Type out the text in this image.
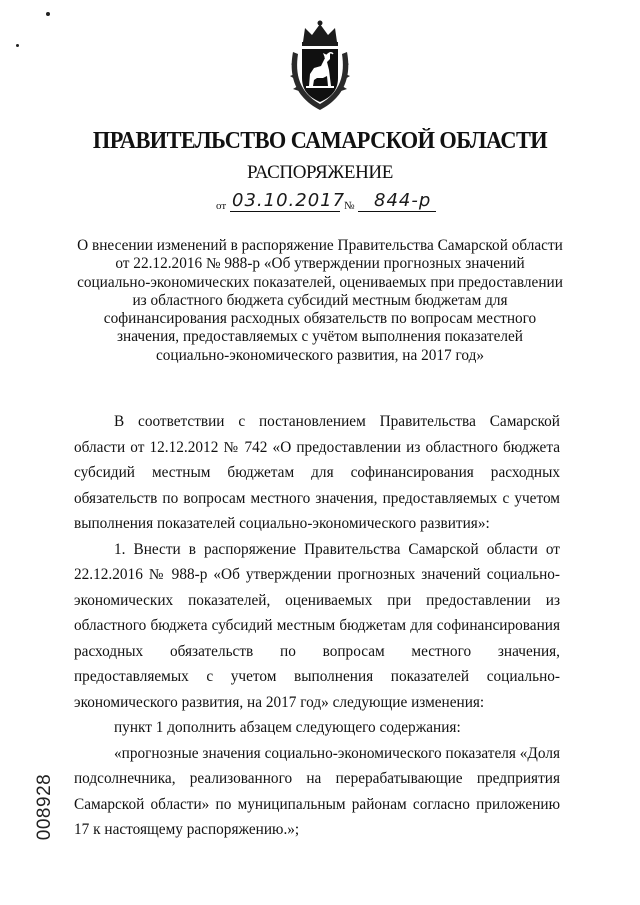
ПРАВИТЕЛЬСТВО САМАРСКОЙ ОБЛАСТИ
РАСПОРЯЖЕНИЕ
от 03.10.2017
№ 844-р
О внесении изменений в распоряжение Правительства Самарской области
от 22.12.2016 № 988-р «Об утверждении прогнозных значений
социально-экономических показателей, оцениваемых при предоставлении
из областного бюджета субсидий местным бюджетам для
софинансирования расходных обязательств по вопросам местного
значения, предоставляемых с учётом выполнения показателей
социально-экономического развития, на 2017 год»

В соответствии с постановлением Правительства Самарской области от 12.12.2012 № 742 «О предоставлении из областного бюджета субсидий местным бюджетам для софинансирования расходных обязательств по вопросам местного значения, предоставляемых с учетом выполнения показателей социально-экономического развития»:

1. Внести в распоряжение Правительства Самарской области от 22.12.2016 № 988-р «Об утверждении прогнозных значений социально-экономических показателей, оцениваемых при предоставлении из областного бюджета субсидий местным бюджетам для софинансирования расходных обязательств по вопросам местного значения, предоставляемых с учетом выполнения показателей социально-экономического развития, на 2017 год» следующие изменения:

пункт 1 дополнить абзацем следующего содержания:

«прогнозные значения социально-экономического показателя «Доля подсолнечника, реализованного на перерабатывающие предприятия Самарской области» по муниципальным районам согласно приложению 17 к настоящему распоряжению.»;

008928
